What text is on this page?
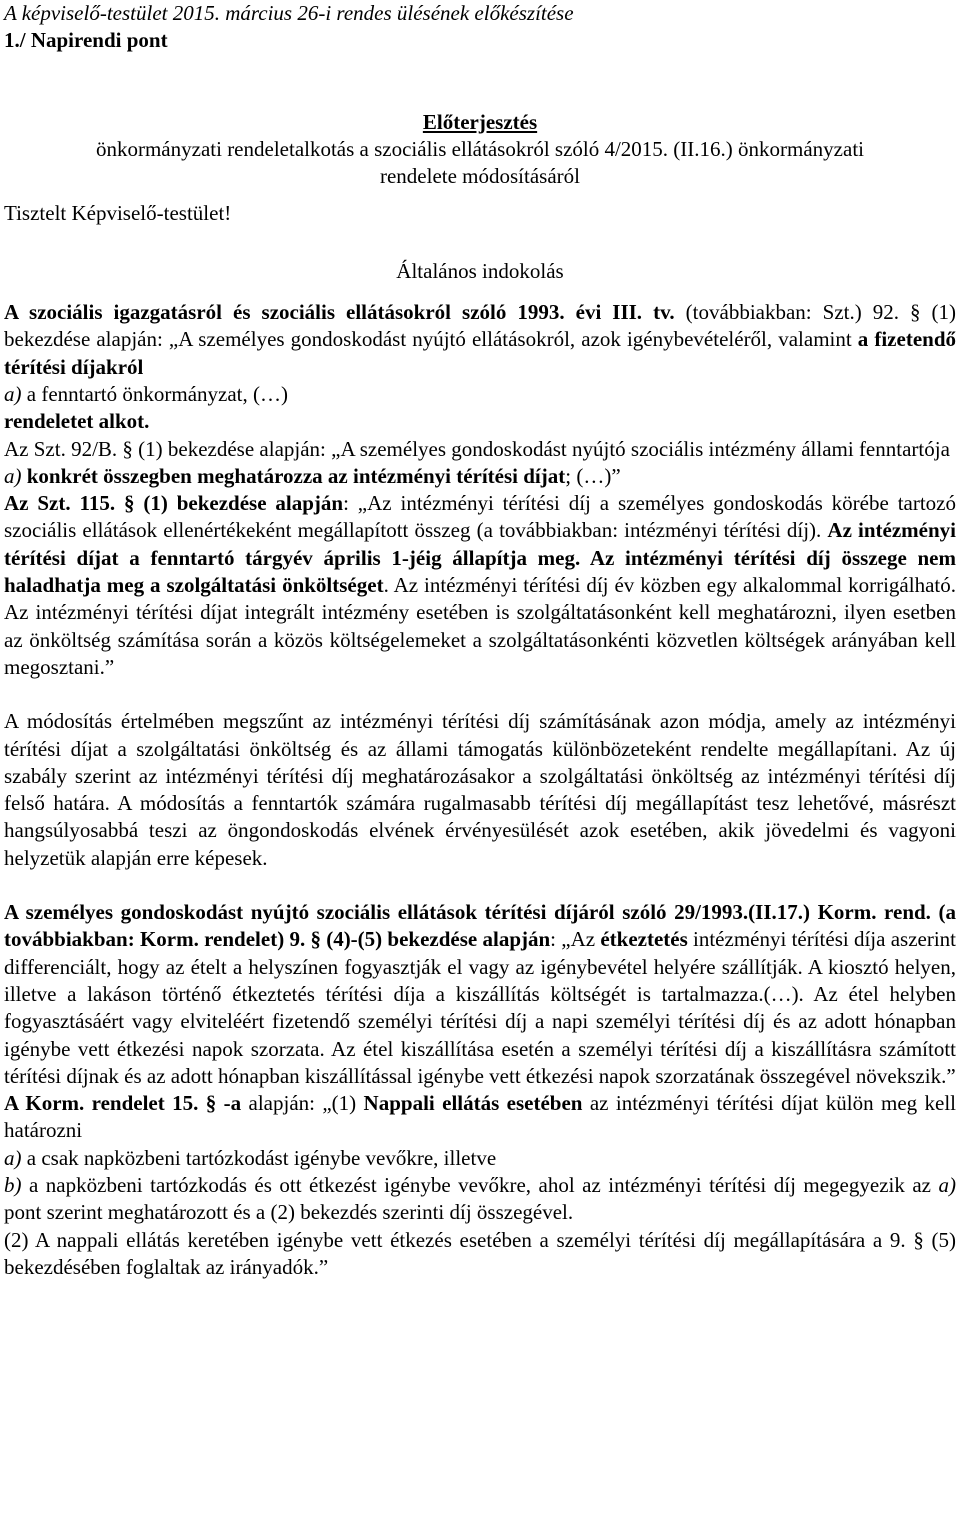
A képviselő-testület 2015. március 26-i rendes ülésének előkészítése

1./ Napirendi pont

Előterjesztés

önkormányzati rendeletalkotás a szociális ellátásokról szóló 4/2015. (II.16.) önkormányzati

rendelete módosításáról

Tisztelt Képviselő-testület!

Általános indokolás

A szociális igazgatásról és szociális ellátásokról szóló 1993. évi III. tv. (továbbiakban: Szt.) 92. § (1) bekezdése alapján: „A személyes gondoskodást nyújtó ellátásokról, azok igénybevételéről, valamint a fizetendő térítési díjakról

a) a fenntartó önkormányzat, (…)

rendeletet alkot.

Az Szt. 92/B. § (1) bekezdése alapján: „A személyes gondoskodást nyújtó szociális intézmény állami fenntartója

a) konkrét összegben meghatározza az intézményi térítési díjat; (…)”

Az Szt. 115. § (1) bekezdése alapján: „Az intézményi térítési díj a személyes gondoskodás körébe tartozó szociális ellátások ellenértékeként megállapított összeg (a továbbiakban: intézményi térítési díj). Az intézményi térítési díjat a fenntartó tárgyév április 1-jéig állapítja meg. Az intézményi térítési díj összege nem haladhatja meg a szolgáltatási önköltséget. Az intézményi térítési díj év közben egy alkalommal korrigálható. Az intézményi térítési díjat integrált intézmény esetében is szolgáltatásonként kell meghatározni, ilyen esetben az önköltség számítása során a közös költségelemeket a szolgáltatásonkénti közvetlen költségek arányában kell megosztani.”

A módosítás értelmében megszűnt az intézményi térítési díj számításának azon módja, amely az intézményi térítési díjat a szolgáltatási önköltség és az állami támogatás különbözeteként rendelte megállapítani. Az új szabály szerint az intézményi térítési díj meghatározásakor a szolgáltatási önköltség az intézményi térítési díj felső határa. A módosítás a fenntartók számára rugalmasabb térítési díj megállapítást tesz lehetővé, másrészt hangsúlyosabbá teszi az öngondoskodás elvének érvényesülését azok esetében, akik jövedelmi és vagyoni helyzetük alapján erre képesek.

A személyes gondoskodást nyújtó szociális ellátások térítési díjáról szóló 29/1993.(II.17.) Korm. rend. (a továbbiakban: Korm. rendelet) 9. § (4)-(5) bekezdése alapján: „Az étkeztetés intézményi térítési díja aszerint differenciált, hogy az ételt a helyszínen fogyasztják el vagy az igénybevétel helyére szállítják. A kiosztó helyen, illetve a lakáson történő étkeztetés térítési díja a kiszállítás költségét is tartalmazza.(…). Az étel helyben fogyasztásáért vagy elviteléért fizetendő személyi térítési díj a napi személyi térítési díj és az adott hónapban igénybe vett étkezési napok szorzata. Az étel kiszállítása esetén a személyi térítési díj a kiszállításra számított térítési díjnak és az adott hónapban kiszállítással igénybe vett étkezési napok szorzatának összegével növekszik.”

A Korm. rendelet 15. § -a alapján: „(1) Nappali ellátás esetében az intézményi térítési díjat külön meg kell határozni

a) a csak napközbeni tartózkodást igénybe vevőkre, illetve

b) a napközbeni tartózkodás és ott étkezést igénybe vevőkre, ahol az intézményi térítési díj megegyezik az a) pont szerint meghatározott és a (2) bekezdés szerinti díj összegével.

(2) A nappali ellátás keretében igénybe vett étkezés esetében a személyi térítési díj megállapítására a 9. § (5) bekezdésében foglaltak az irányadók.”
